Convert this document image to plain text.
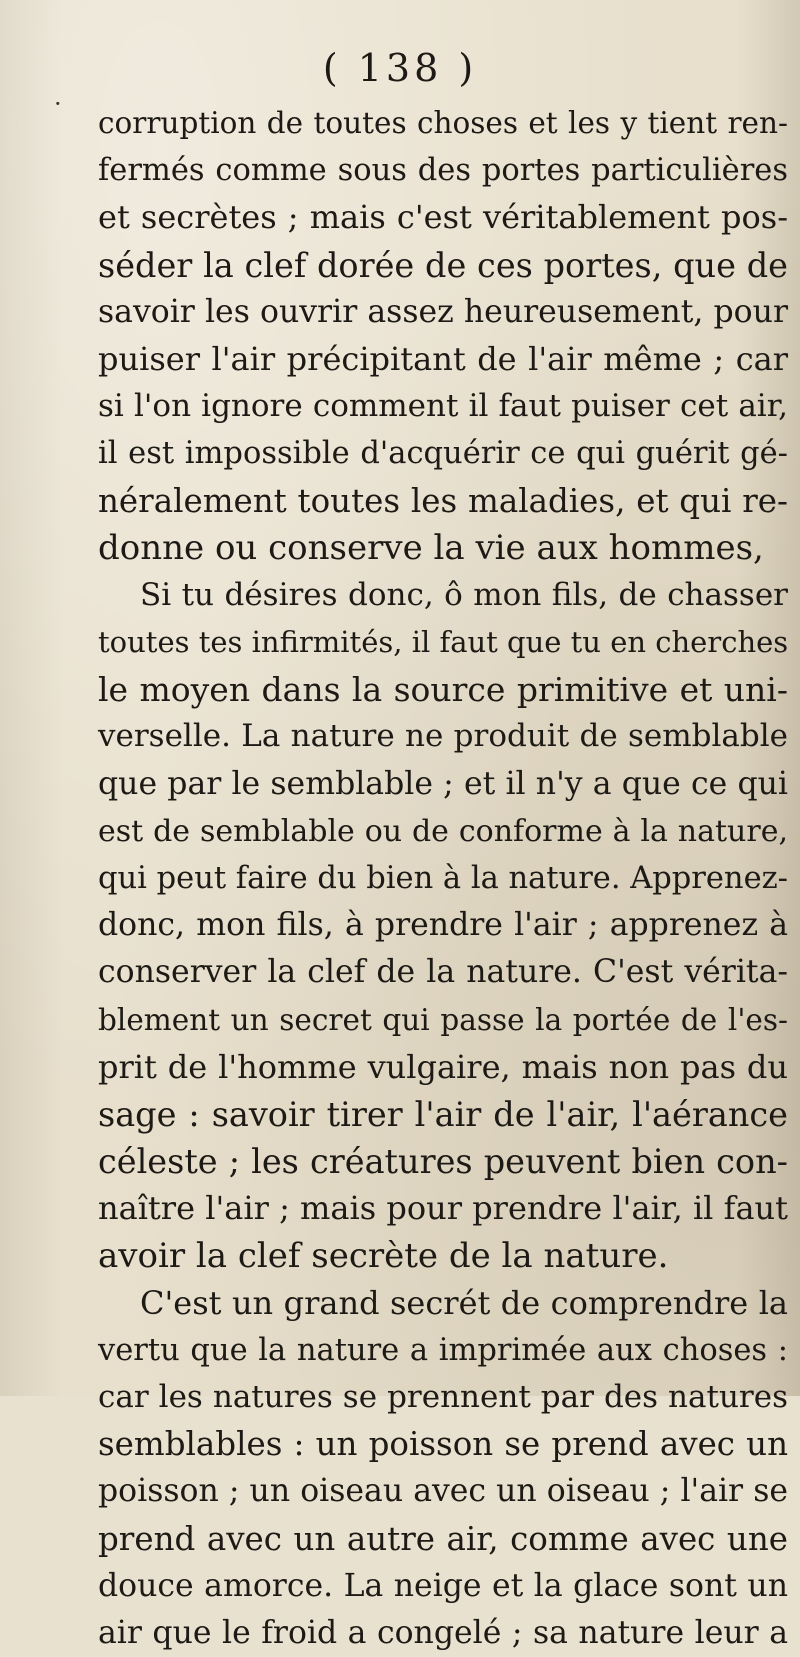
( 138 )
·
corruption de toutes choses et les y tient ren-
fermés comme sous des portes particulières
et secrètes ; mais c'est véritablement pos-
séder la clef dorée de ces portes, que de
savoir les ouvrir assez heureusement, pour
puiser l'air précipitant de l'air même ; car
si l'on ignore comment il faut puiser cet air,
il est impossible d'acquérir ce qui guérit gé-
néralement toutes les maladies, et qui re-
donne ou conserve la vie aux hommes,
Si tu désires donc, ô mon fils, de chasser
toutes tes infirmités, il faut que tu en cherches
le moyen dans la source primitive et uni-
verselle. La nature ne produit de semblable
que par le semblable ; et il n'y a que ce qui
est de semblable ou de conforme à la nature,
qui peut faire du bien à la nature. Apprenez-
donc, mon fils, à prendre l'air ; apprenez à
conserver la clef de la nature. C'est vérita-
blement un secret qui passe la portée de l'es-
prit de l'homme vulgaire, mais non pas du
sage : savoir tirer l'air de l'air, l'aérance
céleste ; les créatures peuvent bien con-
naître l'air ; mais pour prendre l'air, il faut
avoir la clef secrète de la nature.
C'est un grand secrét de comprendre la
vertu que la nature a imprimée aux choses :
car les natures se prennent par des natures
semblables : un poisson se prend avec un
poisson ; un oiseau avec un oiseau ; l'air se
prend avec un autre air, comme avec une
douce amorce. La neige et la glace sont un
air que le froid a congelé ; sa nature leur a
